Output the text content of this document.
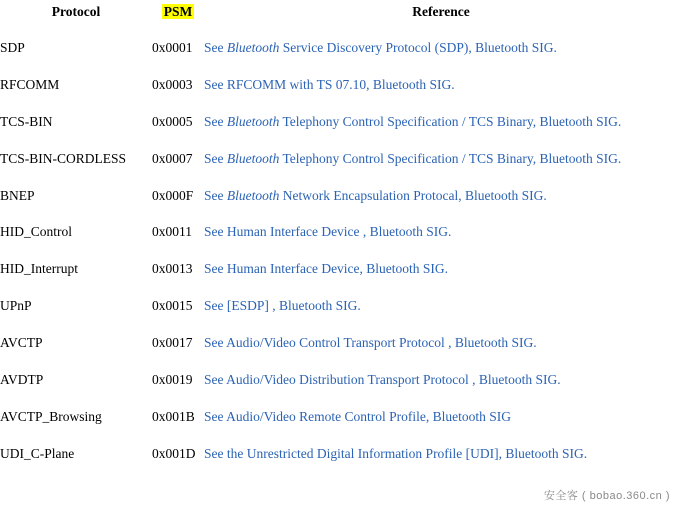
Protocol	PSM	Reference
SDP	0x0001	See Bluetooth Service Discovery Protocol (SDP), Bluetooth SIG.
RFCOMM	0x0003	See RFCOMM with TS 07.10, Bluetooth SIG.
TCS-BIN	0x0005	See Bluetooth Telephony Control Specification / TCS Binary, Bluetooth SIG.
TCS-BIN-CORDLESS	0x0007	See Bluetooth Telephony Control Specification / TCS Binary, Bluetooth SIG.
BNEP	0x000F	See Bluetooth Network Encapsulation Protocal, Bluetooth SIG.
HID_Control	0x0011	See Human Interface Device , Bluetooth SIG.
HID_Interrupt	0x0013	See Human Interface Device, Bluetooth SIG.
UPnP	0x0015	See [ESDP] , Bluetooth SIG.
AVCTP	0x0017	See Audio/Video Control Transport Protocol , Bluetooth SIG.
AVDTP	0x0019	See Audio/Video Distribution Transport Protocol , Bluetooth SIG.
AVCTP_Browsing	0x001B	See Audio/Video Remote Control Profile, Bluetooth SIG
UDI_C-Plane	0x001D	See the Unrestricted Digital Information Profile [UDI], Bluetooth SIG.
安全客 ( bobao.360.cn )
